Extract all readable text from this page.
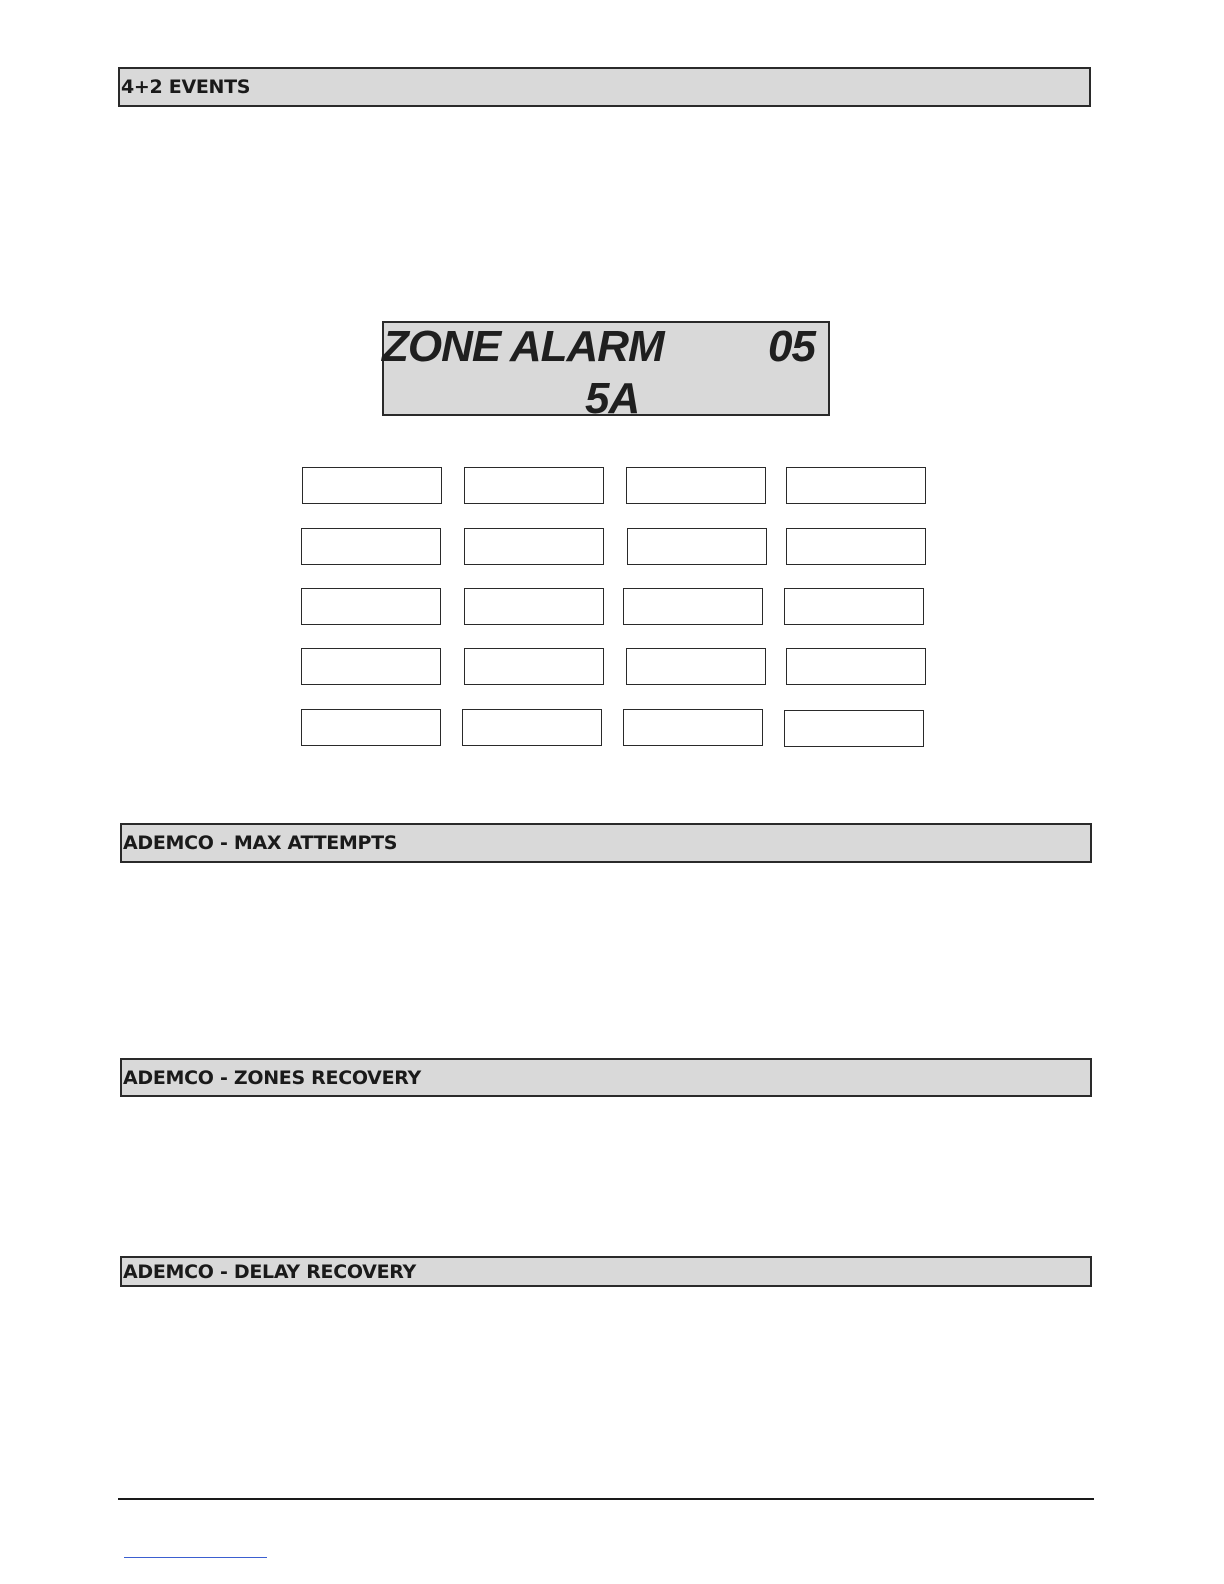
4+2 EVENTS
ZONE ALARM 05
5A
ADEMCO - MAX ATTEMPTS
ADEMCO - ZONES RECOVERY
ADEMCO - DELAY RECOVERY
